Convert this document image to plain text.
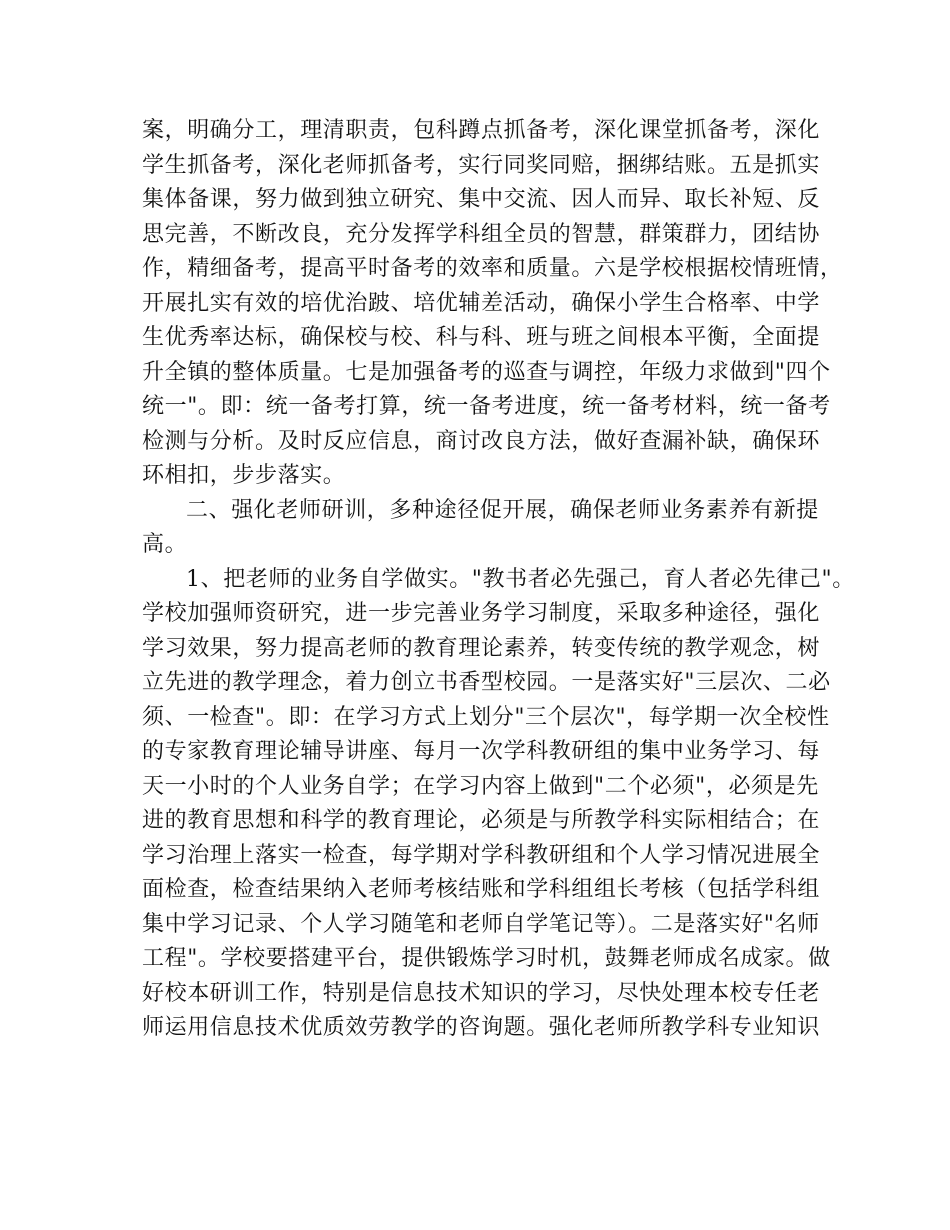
案，明确分工，理清职责，包科蹲点抓备考，深化课堂抓备考，深化
学生抓备考，深化老师抓备考，实行同奖同赔，捆绑结账。五是抓实
集体备课，努力做到独立研究、集中交流、因人而异、取长补短、反
思完善，不断改良，充分发挥学科组全员的智慧，群策群力，团结协
作，精细备考，提高平时备考的效率和质量。六是学校根据校情班情，
开展扎实有效的培优治跛、培优辅差活动，确保小学生合格率、中学
生优秀率达标，确保校与校、科与科、班与班之间根本平衡，全面提
升全镇的整体质量。七是加强备考的巡查与调控，年级力求做到"四个
统一"。即：统一备考打算，统一备考进度，统一备考材料，统一备考
检测与分析。及时反应信息，商讨改良方法，做好查漏补缺，确保环
环相扣，步步落实。
二、强化老师研训，多种途径促开展，确保老师业务素养有新提
高。
1、把老师的业务自学做实。"教书者必先强己，育人者必先律己"。
学校加强师资研究，进一步完善业务学习制度，采取多种途径，强化
学习效果，努力提高老师的教育理论素养，转变传统的教学观念，树
立先进的教学理念，着力创立书香型校园。一是落实好"三层次、二必
须、一检查"。即：在学习方式上划分"三个层次"，每学期一次全校性
的专家教育理论辅导讲座、每月一次学科教研组的集中业务学习、每
天一小时的个人业务自学；在学习内容上做到"二个必须"，必须是先
进的教育思想和科学的教育理论，必须是与所教学科实际相结合；在
学习治理上落实一检查，每学期对学科教研组和个人学习情况进展全
面检查，检查结果纳入老师考核结账和学科组组长考核（包括学科组
集中学习记录、个人学习随笔和老师自学笔记等）。二是落实好"名师
工程"。学校要搭建平台，提供锻炼学习时机，鼓舞老师成名成家。做
好校本研训工作，特别是信息技术知识的学习，尽快处理本校专任老
师运用信息技术优质效劳教学的咨询题。强化老师所教学科专业知识
